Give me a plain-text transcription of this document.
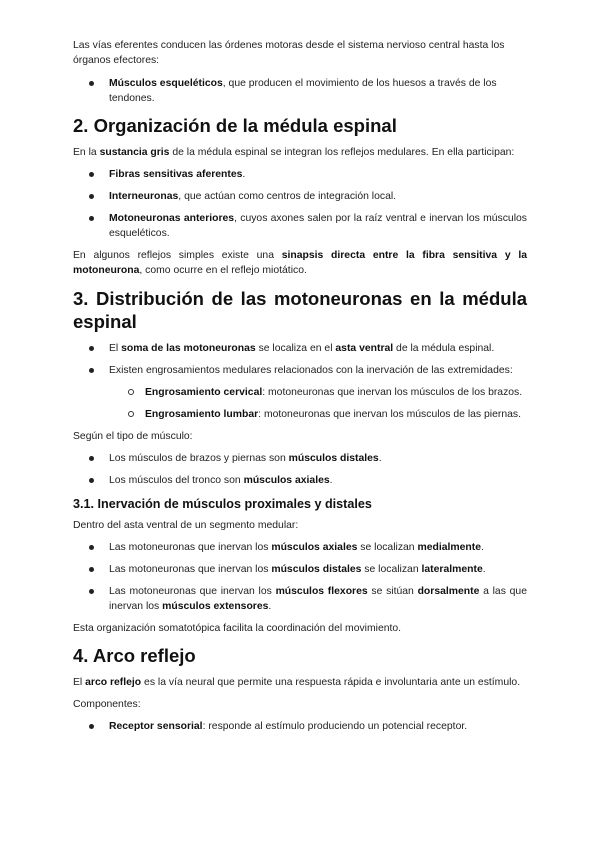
Las vías eferentes conducen las órdenes motoras desde el sistema nervioso central hasta los órganos efectores:

Músculos esqueléticos, que producen el movimiento de los huesos a través de los tendones.
2. Organización de la médula espinal

En la sustancia gris de la médula espinal se integran los reflejos medulares. En ella participan:

Fibras sensitivas aferentes.
Interneuronas, que actúan como centros de integración local.
Motoneuronas anteriores, cuyos axones salen por la raíz ventral e inervan los músculos esqueléticos.

En algunos reflejos simples existe una sinapsis directa entre la fibra sensitiva y la motoneurona, como ocurre en el reflejo miotático.

3. Distribución de las motoneuronas en la médula espinal
El soma de las motoneuronas se localiza en el asta ventral de la médula espinal.
Existen engrosamientos medulares relacionados con la inervación de las extremidades:
Engrosamiento cervical: motoneuronas que inervan los músculos de los brazos.
Engrosamiento lumbar: motoneuronas que inervan los músculos de las piernas.

Según el tipo de músculo:

Los músculos de brazos y piernas son músculos distales.
Los músculos del tronco son músculos axiales.
3.1. Inervación de músculos proximales y distales

Dentro del asta ventral de un segmento medular:

Las motoneuronas que inervan los músculos axiales se localizan medialmente.
Las motoneuronas que inervan los músculos distales se localizan lateralmente.
Las motoneuronas que inervan los músculos flexores se sitúan dorsalmente a las que inervan los músculos extensores.

Esta organización somatotópica facilita la coordinación del movimiento.

4. Arco reflejo

El arco reflejo es la vía neural que permite una respuesta rápida e involuntaria ante un estímulo.

Componentes:

Receptor sensorial: responde al estímulo produciendo un potencial receptor.
